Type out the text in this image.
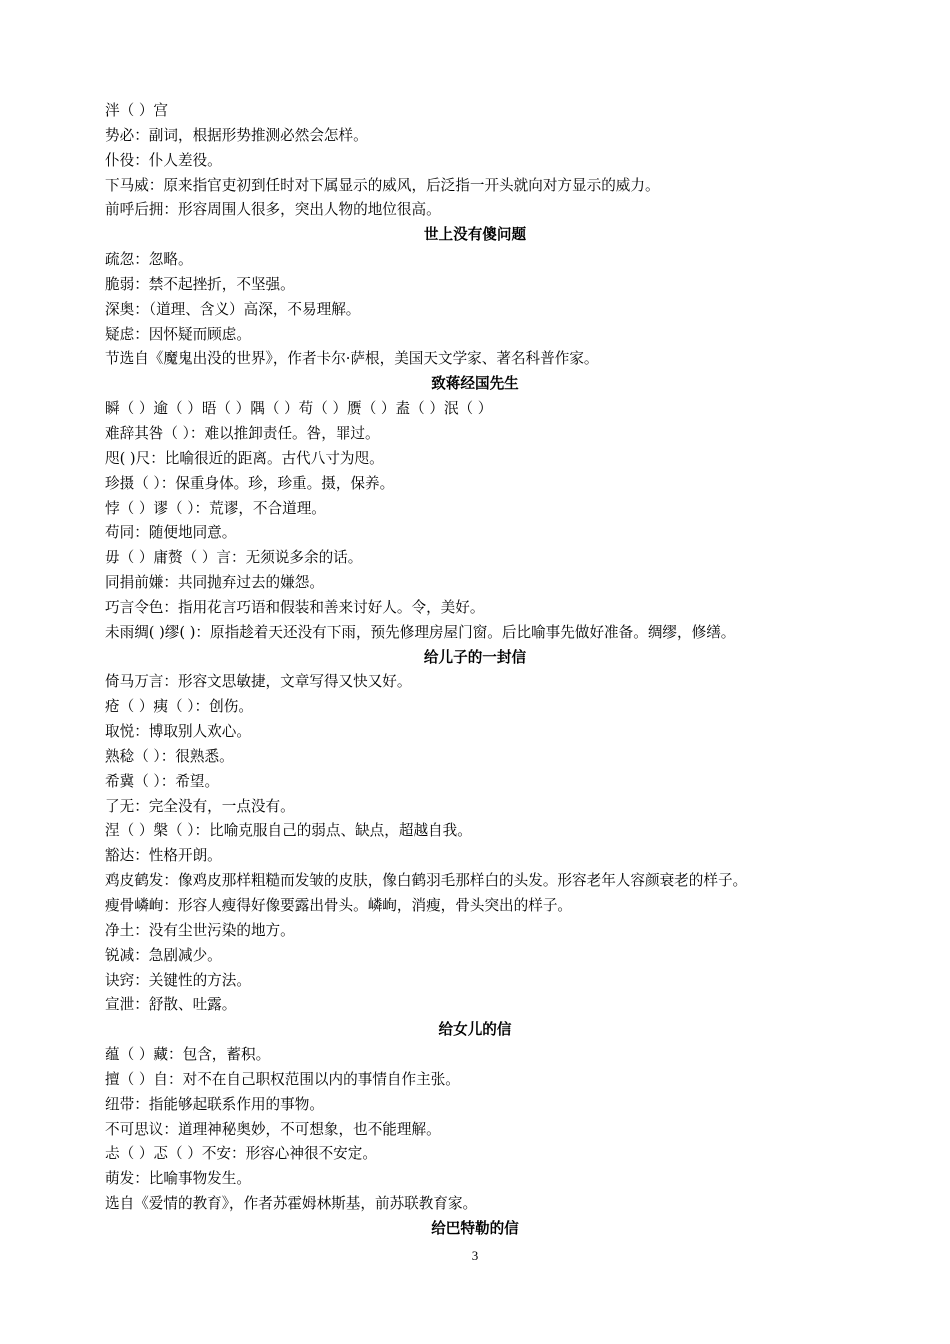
泮（ ）宫
势必：副词，根据形势推测必然会怎样。
仆役：仆人差役。
下马威：原来指官吏初到任时对下属显示的威风，后泛指一开头就向对方显示的威力。
前呼后拥：形容周围人很多，突出人物的地位很高。
世上没有傻问题
疏忽：忽略。
脆弱：禁不起挫折，不坚强。
深奥：（道理、含义）高深，不易理解。
疑虑：因怀疑而顾虑。
节选自《魔鬼出没的世界》，作者卡尔·萨根，美国天文学家、著名科普作家。
致蒋经国先生
瞬（ ）逾（ ）晤（ ）隅（ ）苟（ ）赝（ ）盍（ ）泯（ ）
难辞其咎（ ）：难以推卸责任。咎，罪过。
咫( )尺：比喻很近的距离。古代八寸为咫。
珍摄（ ）：保重身体。珍，珍重。摄，保养。
悖（ ）谬（ ）：荒谬，不合道理。
苟同：随便地同意。
毋（ ）庸赘（ ）言：无须说多余的话。
同捐前嫌：共同抛弃过去的嫌怨。
巧言令色：指用花言巧语和假装和善来讨好人。令，美好。
未雨绸( )缪( )：原指趁着天还没有下雨，预先修理房屋门窗。后比喻事先做好准备。绸缪，修缮。
给儿子的一封信
倚马万言：形容文思敏捷，文章写得又快又好。
疮（ ）痍（ ）：创伤。
取悦：博取别人欢心。
熟稔（ ）：很熟悉。
希冀（ ）：希望。
了无：完全没有，一点没有。
涅（ ）槃（ ）：比喻克服自己的弱点、缺点，超越自我。
豁达：性格开朗。
鸡皮鹤发：像鸡皮那样粗糙而发皱的皮肤，像白鹤羽毛那样白的头发。形容老年人容颜衰老的样子。
瘦骨嶙峋：形容人瘦得好像要露出骨头。嶙峋，消瘦，骨头突出的样子。
净土：没有尘世污染的地方。
锐减：急剧减少。
诀窍：关键性的方法。
宣泄：舒散、吐露。
给女儿的信
蕴（ ）藏：包含，蓄积。
擅（ ）自：对不在自己职权范围以内的事情自作主张。
纽带：指能够起联系作用的事物。
不可思议：道理神秘奥妙，不可想象，也不能理解。
忐（ ）忑（ ）不安：形容心神很不安定。
萌发：比喻事物发生。
选自《爱情的教育》，作者苏霍姆林斯基，前苏联教育家。
给巴特勒的信
3
